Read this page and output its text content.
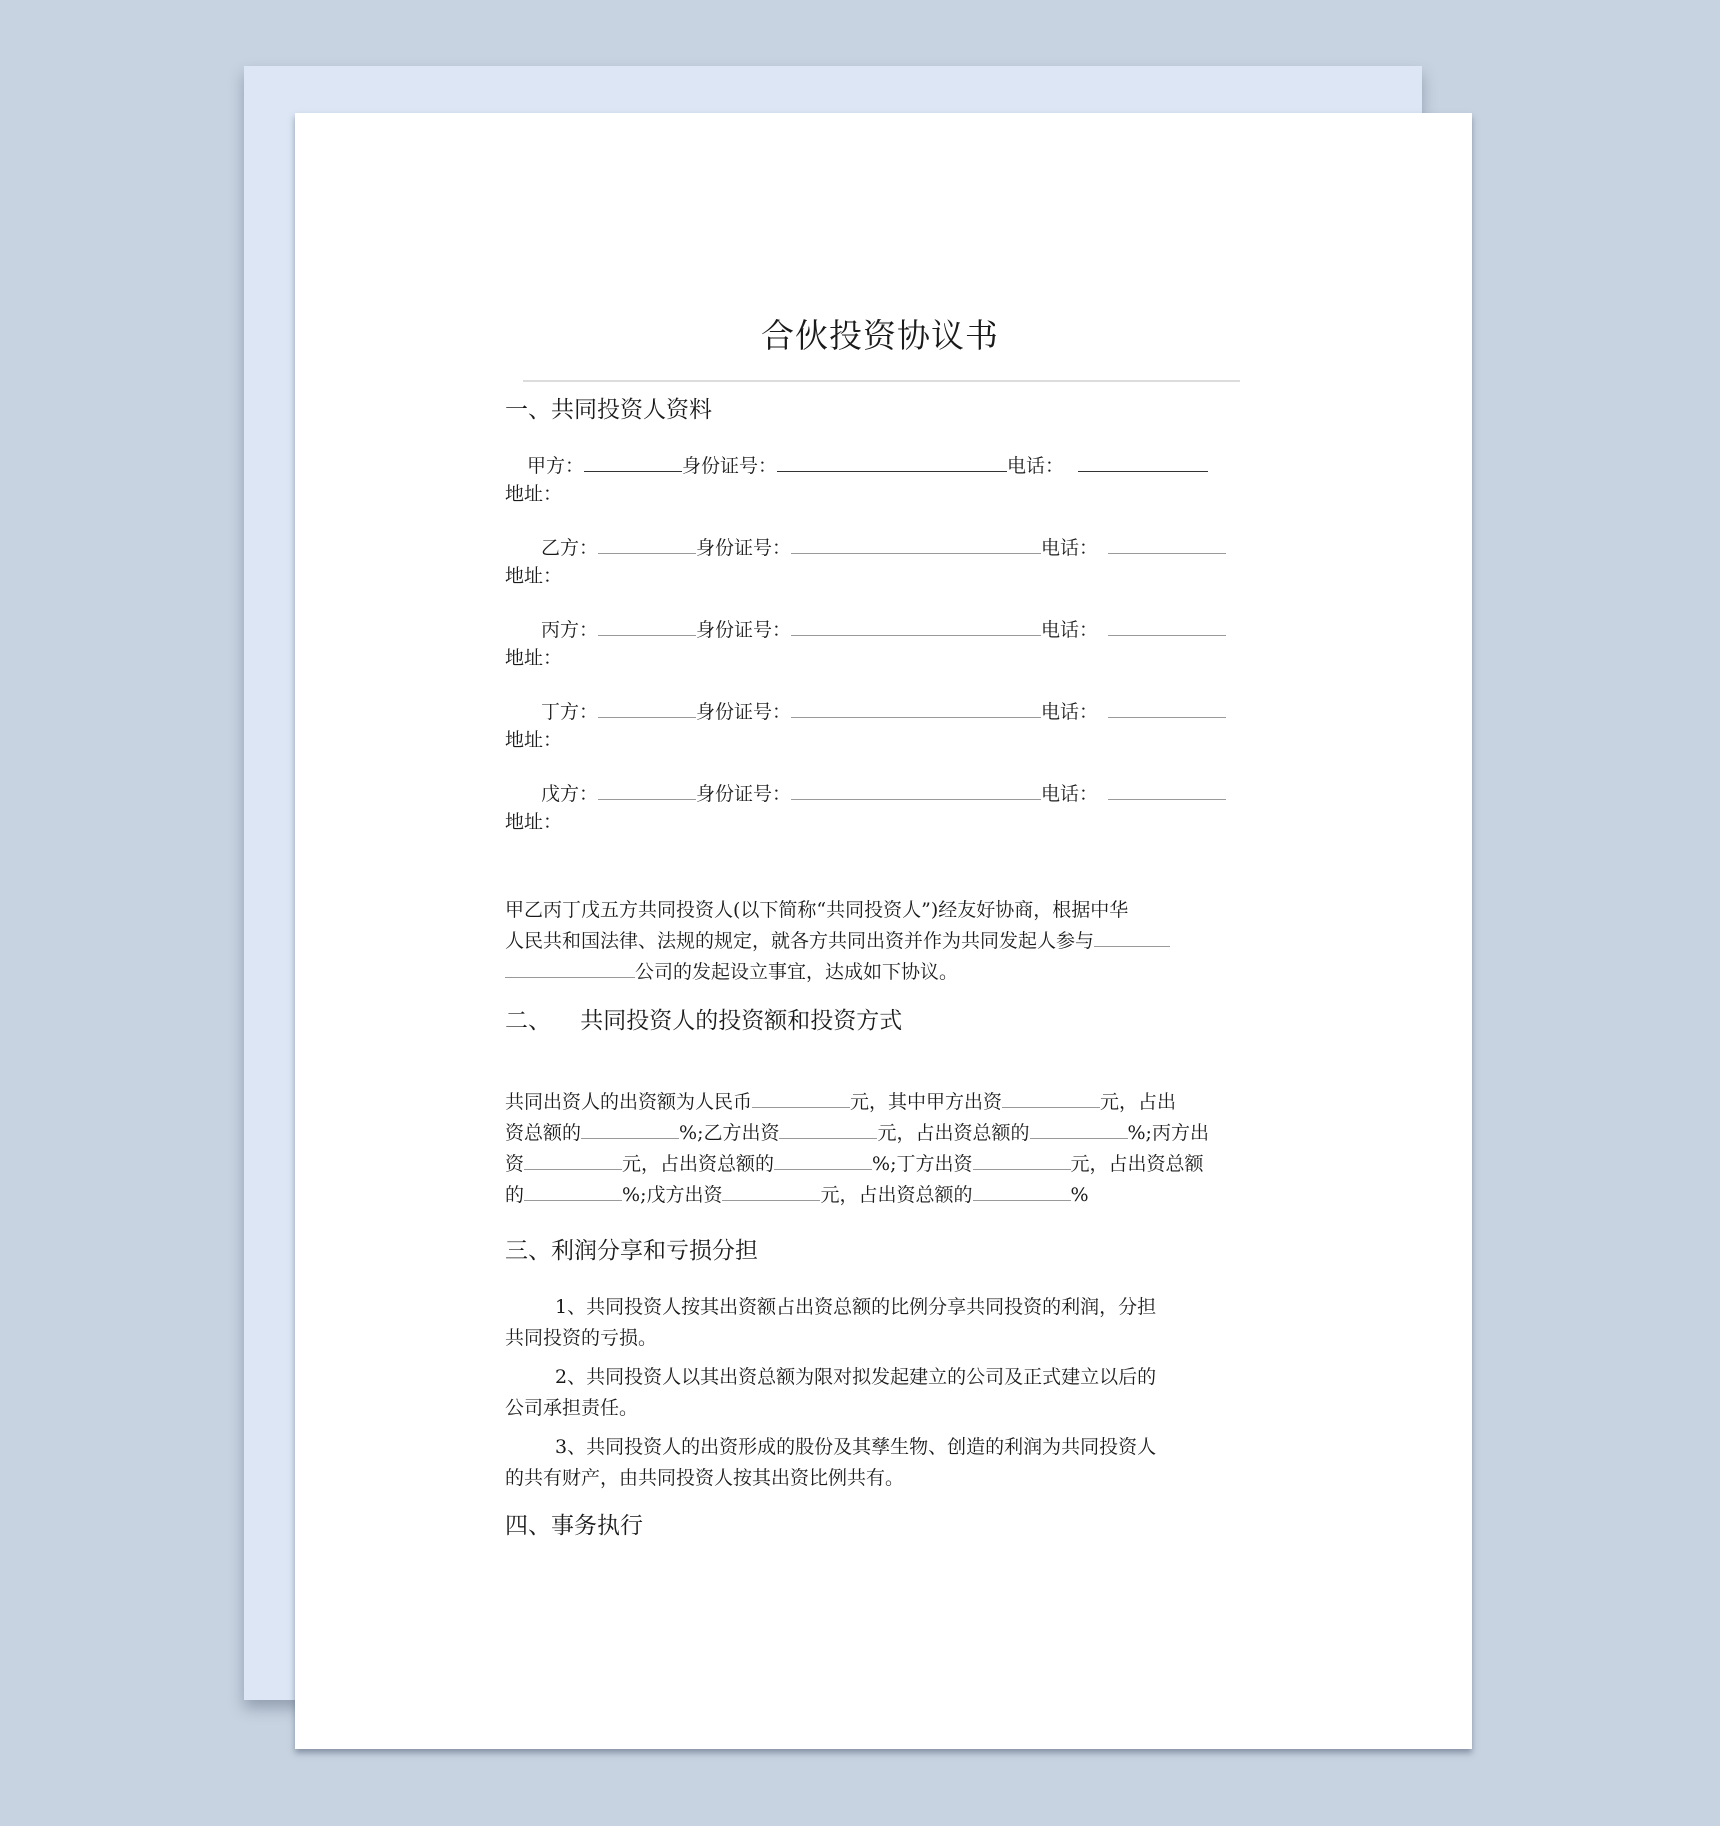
合伙投资协议书
一、共同投资人资料
甲方：	身份证号：	电话：
地址：
乙方：	身份证号：	电话：
地址：
丙方：	身份证号：	电话：
地址：
丁方：	身份证号：	电话：
地址：
戊方：	身份证号：	电话：
地址：
甲乙丙丁戊五方共同投资人(以下简称“共同投资人”)经友好协商，根据中华
人民共和国法律、法规的规定，就各方共同出资并作为共同发起人参与
公司的发起设立事宜，达成如下协议。
二、    共同投资人的投资额和投资方式
共同出资人的出资额为人民币	元，其中甲方出资	元，占出
资总额的	%;乙方出资	元，占出资总额的	%;丙方出
资	元，占出资总额的	%;丁方出资	元，占出资总额
的	%;戊方出资	元，占出资总额的	%
三、利润分享和亏损分担
1、共同投资人按其出资额占出资总额的比例分享共同投资的利润，分担
共同投资的亏损。
2、共同投资人以其出资总额为限对拟发起建立的公司及正式建立以后的
公司承担责任。
3、共同投资人的出资形成的股份及其孳生物、创造的利润为共同投资人
的共有财产，由共同投资人按其出资比例共有。
四、事务执行
